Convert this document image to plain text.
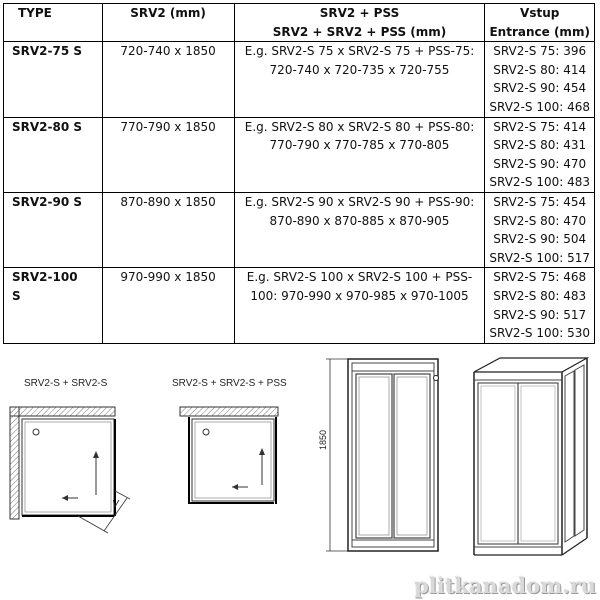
TYPE	SRV2 (mm)	SRV2 + PSS
SRV2 + SRV2 + PSS (mm)	Vstup
Entrance (mm)

SRV2-75 S	720-740 x 1850	E.g. SRV2-S 75 x SRV2-S 75 + PSS-75:
720-740 x 720-735 x 720-755	SRV2-S 75: 396
SRV2-S 80: 414
SRV2-S 90: 454
SRV2-S 100: 468

SRV2-80 S	770-790 x 1850	E.g. SRV2-S 80 x SRV2-S 80 + PSS-80:
770-790 x 770-785 x 770-805	SRV2-S 75: 414
SRV2-S 80: 431
SRV2-S 90: 470
SRV2-S 100: 483

SRV2-90 S	870-890 x 1850	E.g. SRV2-S 90 x SRV2-S 90 + PSS-90:
870-890 x 870-885 x 870-905	SRV2-S 75: 454
SRV2-S 80: 470
SRV2-S 90: 504
SRV2-S 100: 517

SRV2-100
S	970-990 x 1850	E.g. SRV2-S 100 x SRV2-S 100 + PSS-
100: 970-990 x 970-985 x 970-1005	SRV2-S 75: 468
SRV2-S 80: 483
SRV2-S 90: 517
SRV2-S 100: 530
SRV2-S + SRV2-S
V
SRV2-S + SRV2-S + PSS
1850
plitkanadom.ru
